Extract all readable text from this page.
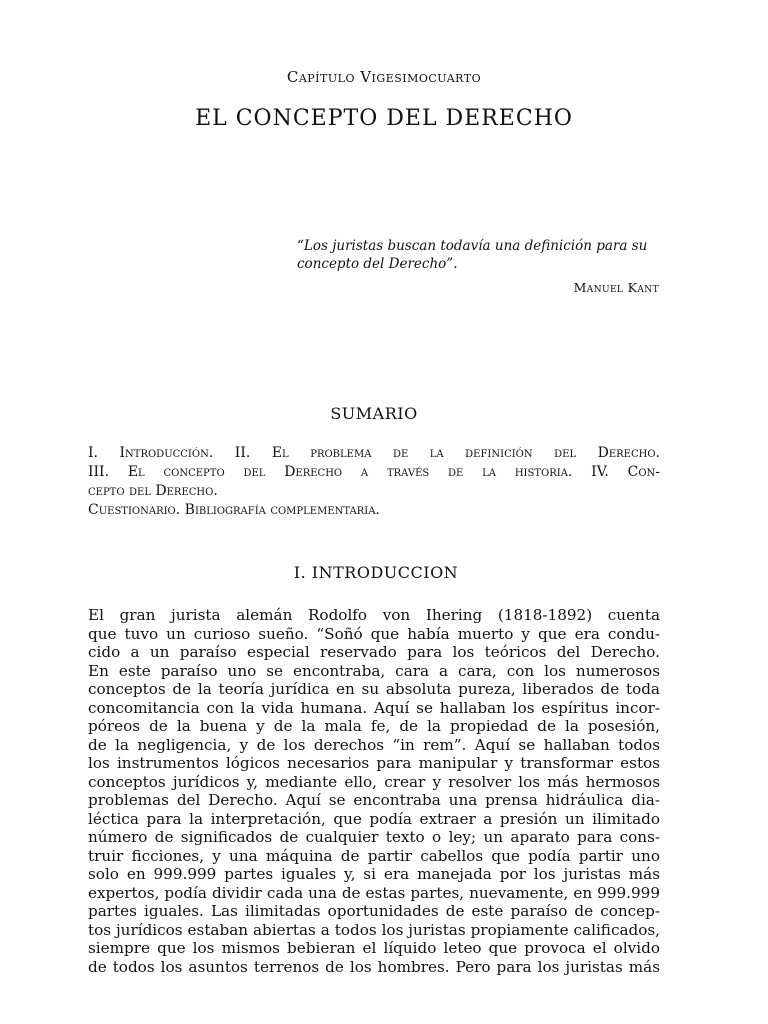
Capítulo Vigesimocuarto
EL CONCEPTO DEL DERECHO
“Los juristas buscan todavía una definición para su
concepto del Derecho”.
Manuel Kant
SUMARIO
I. Introducción. II. El problema de la definición del Derecho.
III. El concepto del Derecho a través de la historia. IV. Con-
cepto del Derecho.
Cuestionario. Bibliografía complementaria.
I. INTRODUCCION
El gran jurista alemán Rodolfo von Ihering (1818-1892) cuenta
que tuvo un curioso sueño. “Soñó que había muerto y que era condu-
cido a un paraíso especial reservado para los teóricos del Derecho.
En este paraíso uno se encontraba, cara a cara, con los numerosos
conceptos de la teoría jurídica en su absoluta pureza, liberados de toda
concomitancia con la vida humana. Aquí se hallaban los espíritus incor-
póreos de la buena y de la mala fe, de la propiedad de la posesión,
de la negligencia, y de los derechos “in rem”. Aquí se hallaban todos
los instrumentos lógicos necesarios para manipular y transformar estos
conceptos jurídicos y, mediante ello, crear y resolver los más hermosos
problemas del Derecho. Aquí se encontraba una prensa hidráulica dia-
léctica para la interpretación, que podía extraer a presión un ilimitado
número de significados de cualquier texto o ley; un aparato para cons-
truir ficciones, y una máquina de partir cabellos que podía partir uno
solo en 999.999 partes iguales y, si era manejada por los juristas más
expertos, podía dividir cada una de estas partes, nuevamente, en 999.999
partes iguales. Las ilimitadas oportunidades de este paraíso de concep-
tos jurídicos estaban abiertas a todos los juristas propiamente calificados,
siempre que los mismos bebieran el líquido leteo que provoca el olvido
de todos los asuntos terrenos de los hombres. Pero para los juristas más
